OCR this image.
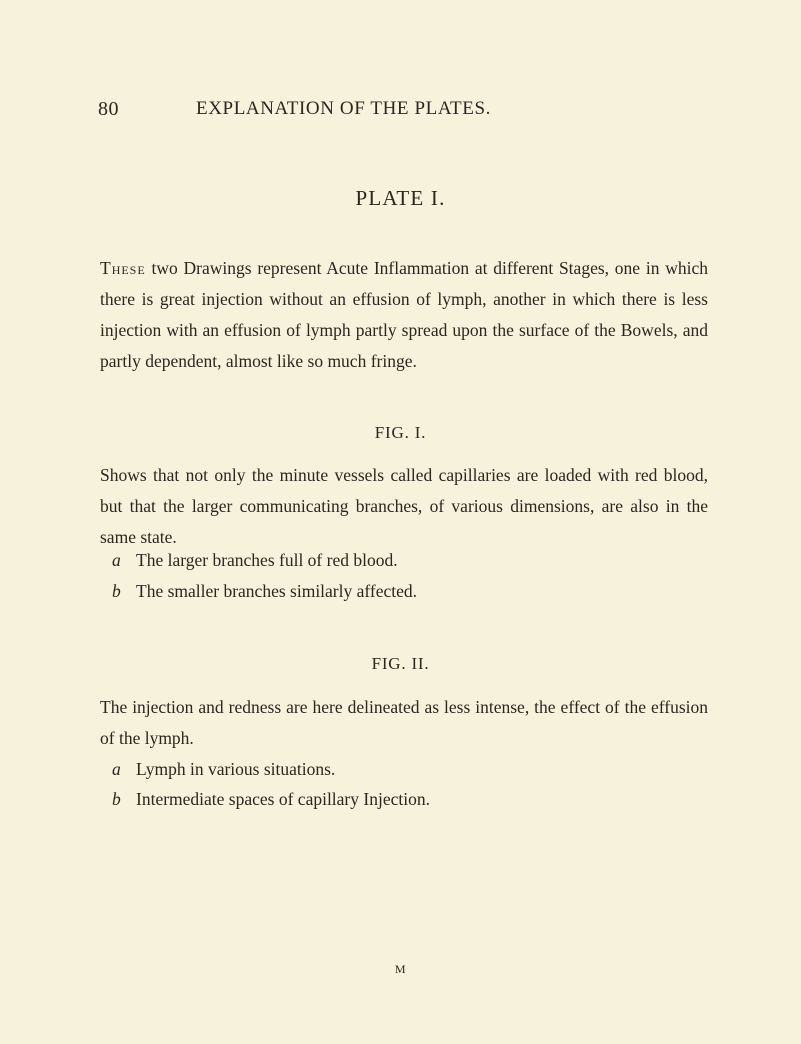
80	EXPLANATION OF THE PLATES.
PLATE I.

These two Drawings represent Acute Inflammation at different Stages, one in which there is great injection without an effusion of lymph, another in which there is less injection with an effusion of lymph partly spread upon the surface of the Bowels, and partly dependent, almost like so much fringe.

FIG. I.

Shows that not only the minute vessels called capillaries are loaded with red blood, but that the larger communicating branches, of various dimensions, are also in the same state.

a The larger branches full of red blood.
b The smaller branches similarly affected.
FIG. II.

The injection and redness are here delineated as less intense, the effect of the effusion of the lymph.

a Lymph in various situations.
b Intermediate spaces of capillary Injection.
M
